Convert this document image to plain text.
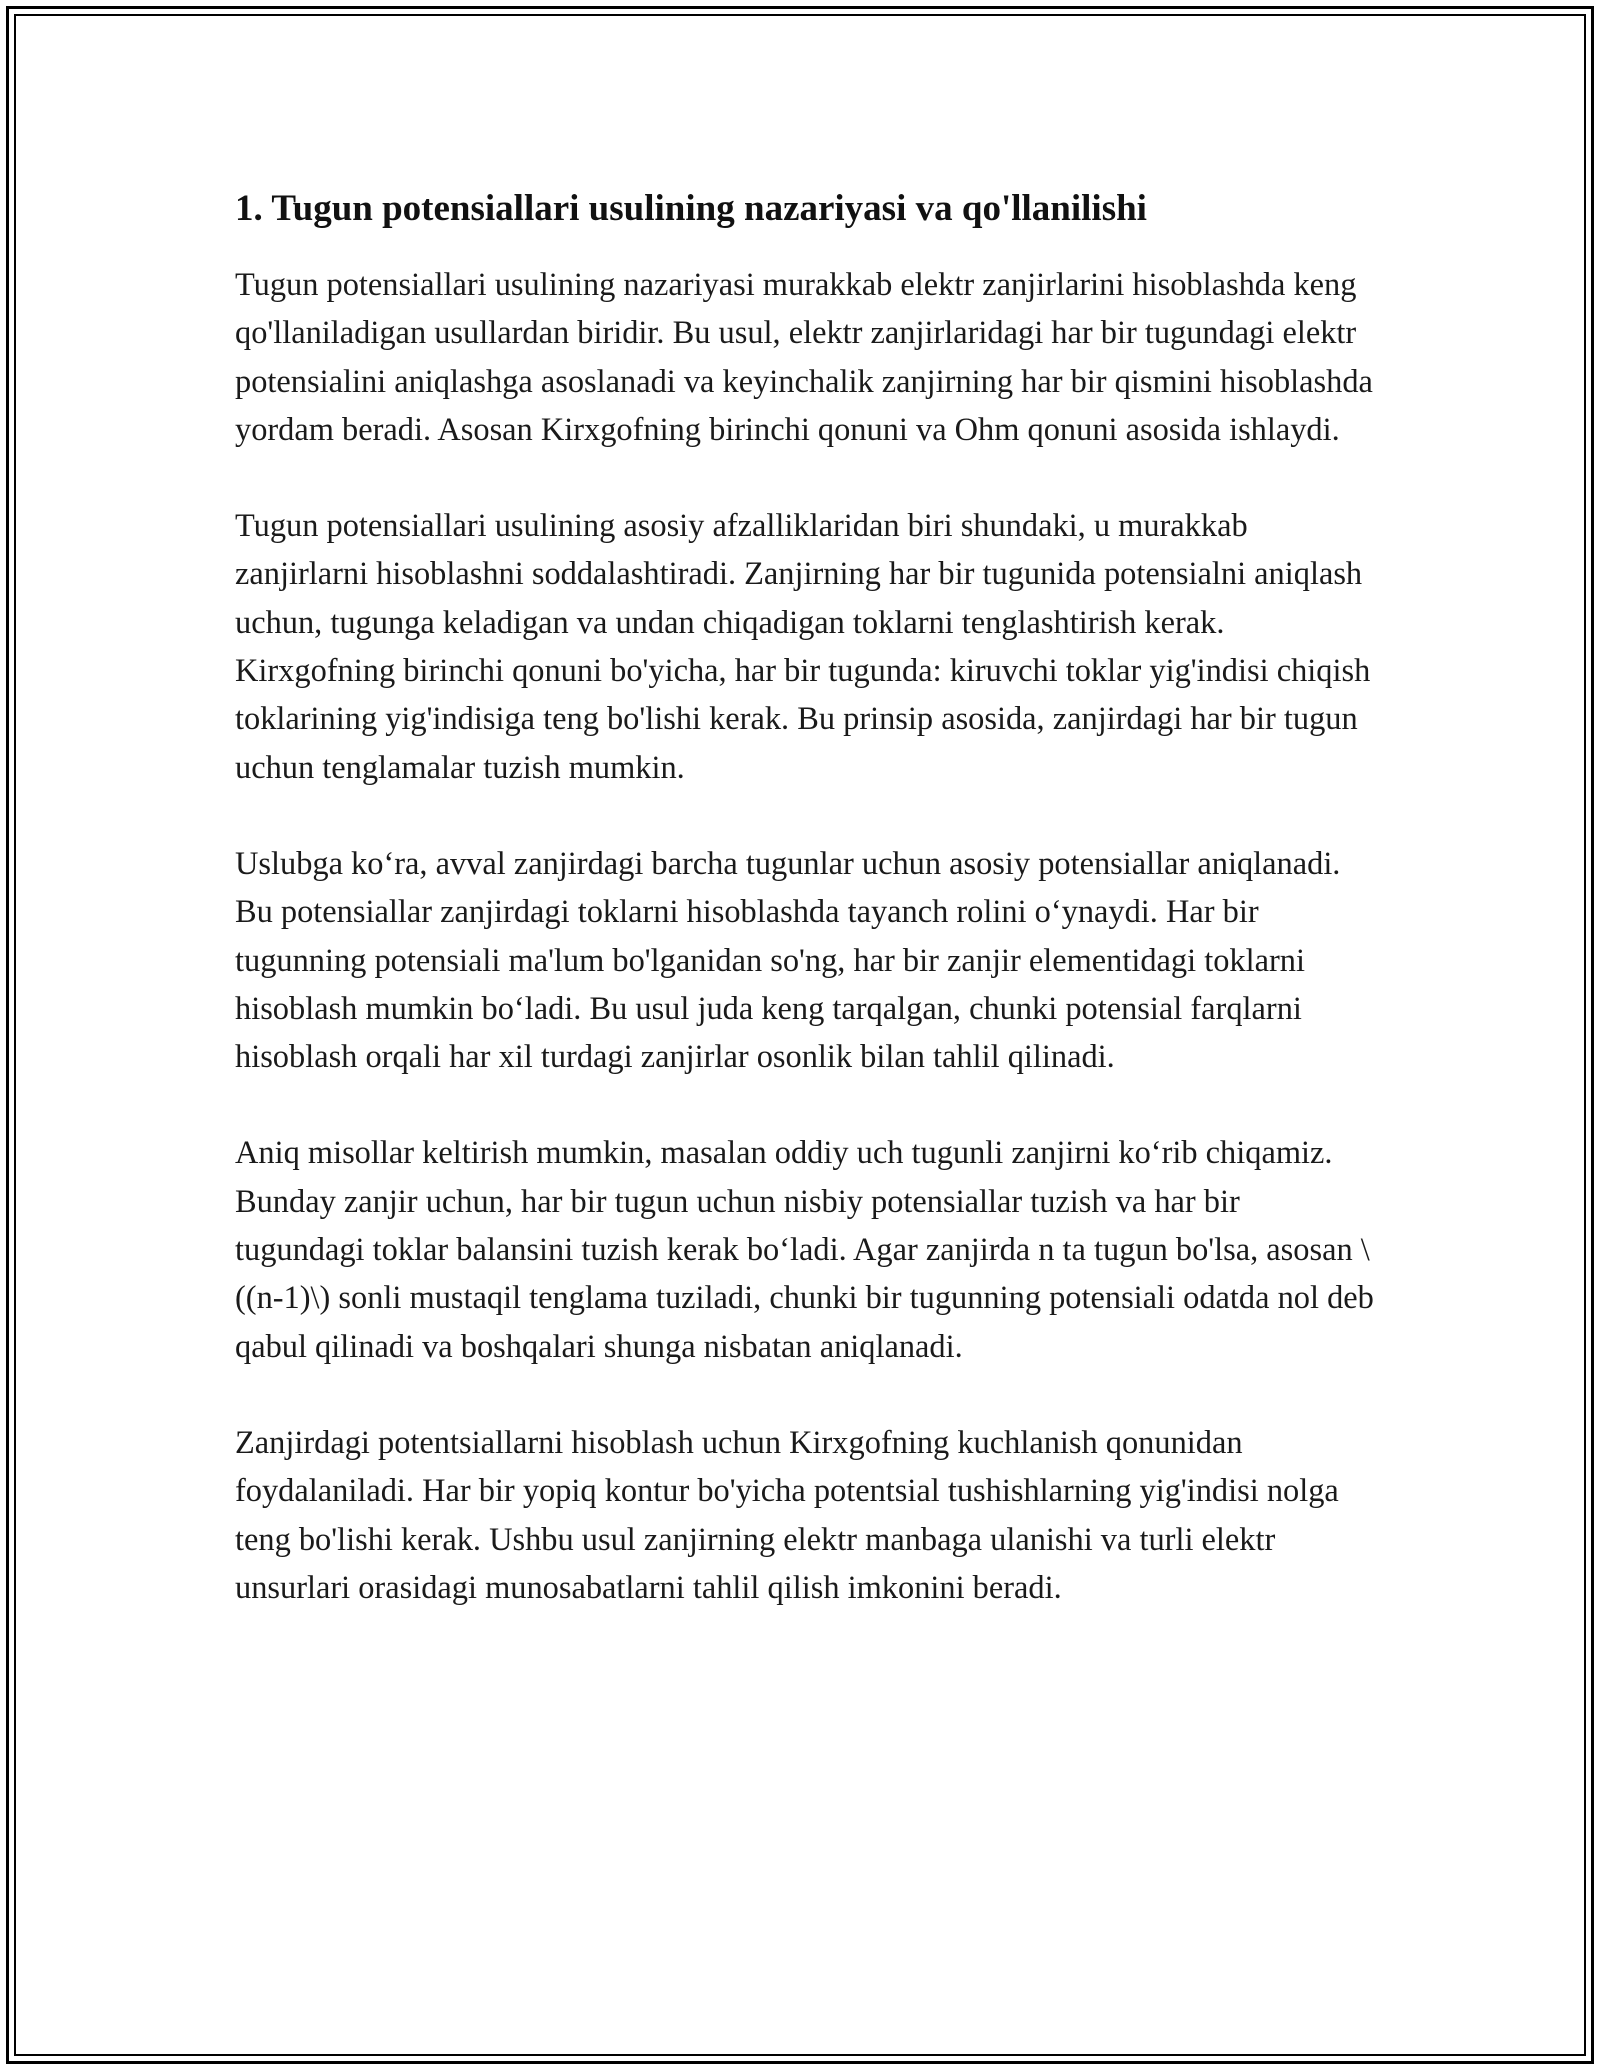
1. Tugun potensiallari usulining nazariyasi va qo'llanilishi

Tugun potensiallari usulining nazariyasi murakkab elektr zanjirlarini hisoblashda keng qo'llaniladigan usullardan biridir. Bu usul, elektr zanjirlaridagi har bir tugundagi elektr potensialini aniqlashga asoslanadi va keyinchalik zanjirning har bir qismini hisoblashda yordam beradi. Asosan Kirxgofning birinchi qonuni va Ohm qonuni asosida ishlaydi.

Tugun potensiallari usulining asosiy afzalliklaridan biri shundaki, u murakkab zanjirlarni hisoblashni soddalashtiradi. Zanjirning har bir tugunida potensialni aniqlash uchun, tugunga keladigan va undan chiqadigan toklarni tenglashtirish kerak. Kirxgofning birinchi qonuni bo'yicha, har bir tugunda: kiruvchi toklar yig'indisi chiqish toklarining yig'indisiga teng bo'lishi kerak. Bu prinsip asosida, zanjirdagi har bir tugun uchun tenglamalar tuzish mumkin.

Uslubga ko‘ra, avval zanjirdagi barcha tugunlar uchun asosiy potensiallar aniqlanadi. Bu potensiallar zanjirdagi toklarni hisoblashda tayanch rolini o‘ynaydi. Har bir tugunning potensiali ma'lum bo'lganidan so'ng, har bir zanjir elementidagi toklarni hisoblash mumkin bo‘ladi. Bu usul juda keng tarqalgan, chunki potensial farqlarni hisoblash orqali har xil turdagi zanjirlar osonlik bilan tahlil qilinadi.

Aniq misollar keltirish mumkin, masalan oddiy uch tugunli zanjirni ko‘rib chiqamiz. Bunday zanjir uchun, har bir tugun uchun nisbiy potensiallar tuzish va har bir tugundagi toklar balansini tuzish kerak bo‘ladi. Agar zanjirda n ta tugun bo'lsa, asosan \((n-1)\) sonli mustaqil tenglama tuziladi, chunki bir tugunning potensiali odatda nol deb qabul qilinadi va boshqalari shunga nisbatan aniqlanadi.

Zanjirdagi potentsiallarni hisoblash uchun Kirxgofning kuchlanish qonunidan foydalaniladi. Har bir yopiq kontur bo'yicha potentsial tushishlarning yig'indisi nolga teng bo'lishi kerak. Ushbu usul zanjirning elektr manbaga ulanishi va turli elektr unsurlari orasidagi munosabatlarni tahlil qilish imkonini beradi.
